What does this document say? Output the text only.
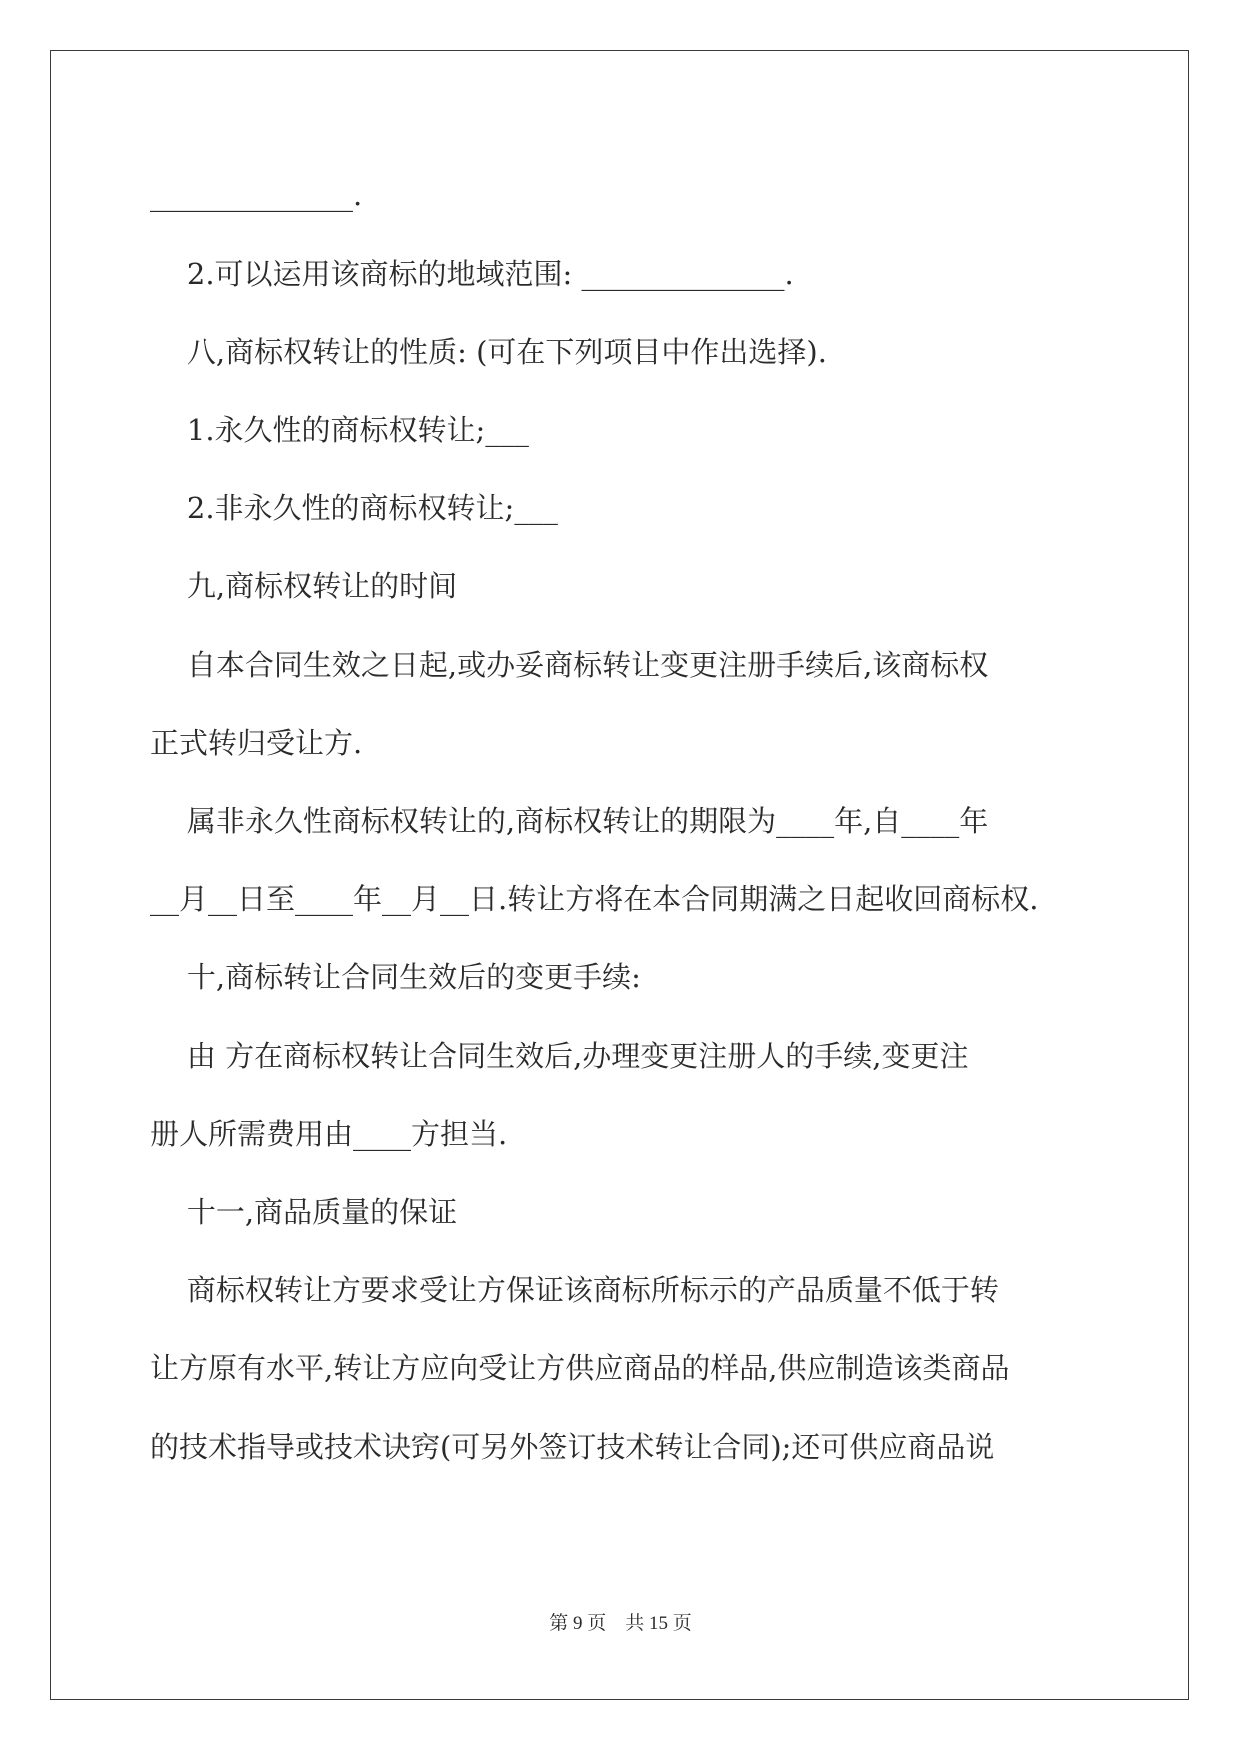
______________.
2.可以运用该商标的地域范围: ______________.
八,商标权转让的性质: (可在下列项目中作出选择).
1.永久性的商标权转让;___
2.非永久性的商标权转让;___
九,商标权转让的时间
自本合同生效之日起,或办妥商标转让变更注册手续后,该商标权
正式转归受让方.
属非永久性商标权转让的,商标权转让的期限为____年,自____年
__月__日至____年__月__日.转让方将在本合同期满之日起收回商标权.
十,商标转让合同生效后的变更手续:
由 方在商标权转让合同生效后,办理变更注册人的手续,变更注
册人所需费用由____方担当.
十一,商品质量的保证
商标权转让方要求受让方保证该商标所标示的产品质量不低于转
让方原有水平,转让方应向受让方供应商品的样品,供应制造该类商品
的技术指导或技术诀窍(可另外签订技术转让合同);还可供应商品说
第 9 页    共 15 页
